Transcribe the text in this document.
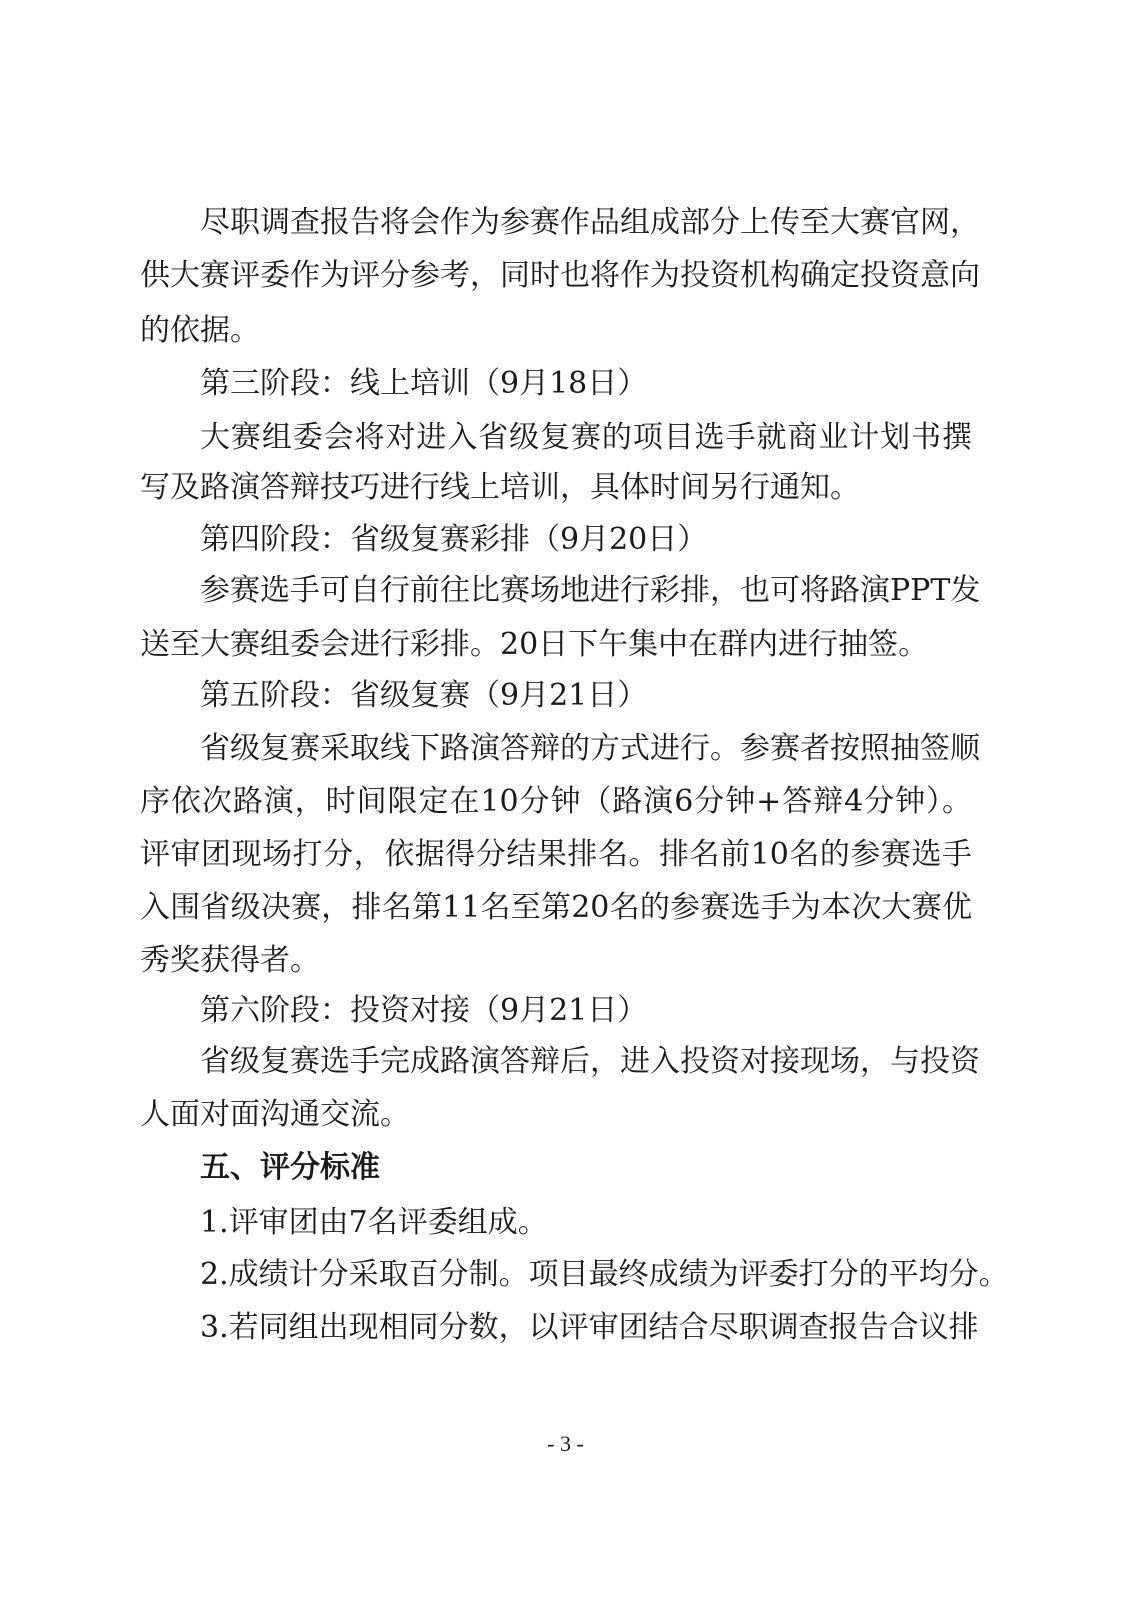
尽职调查报告将会作为参赛作品组成部分上传至大赛官网，
供大赛评委作为评分参考，同时也将作为投资机构确定投资意向
的依据。
第三阶段：线上培训（9月18日）
大赛组委会将对进入省级复赛的项目选手就商业计划书撰
写及路演答辩技巧进行线上培训，具体时间另行通知。
第四阶段：省级复赛彩排（9月20日）
参赛选手可自行前往比赛场地进行彩排，也可将路演PPT发
送至大赛组委会进行彩排。20日下午集中在群内进行抽签。
第五阶段：省级复赛（9月21日）
省级复赛采取线下路演答辩的方式进行。参赛者按照抽签顺
序依次路演，时间限定在10分钟（路演6分钟+答辩4分钟）。
评审团现场打分，依据得分结果排名。排名前10名的参赛选手
入围省级决赛，排名第11名至第20名的参赛选手为本次大赛优
秀奖获得者。
第六阶段：投资对接（9月21日）
省级复赛选手完成路演答辩后，进入投资对接现场，与投资
人面对面沟通交流。
五、评分标准
1.评审团由7名评委组成。
2.成绩计分采取百分制。项目最终成绩为评委打分的平均分。
3.若同组出现相同分数，以评审团结合尽职调查报告合议排
- 3 -
